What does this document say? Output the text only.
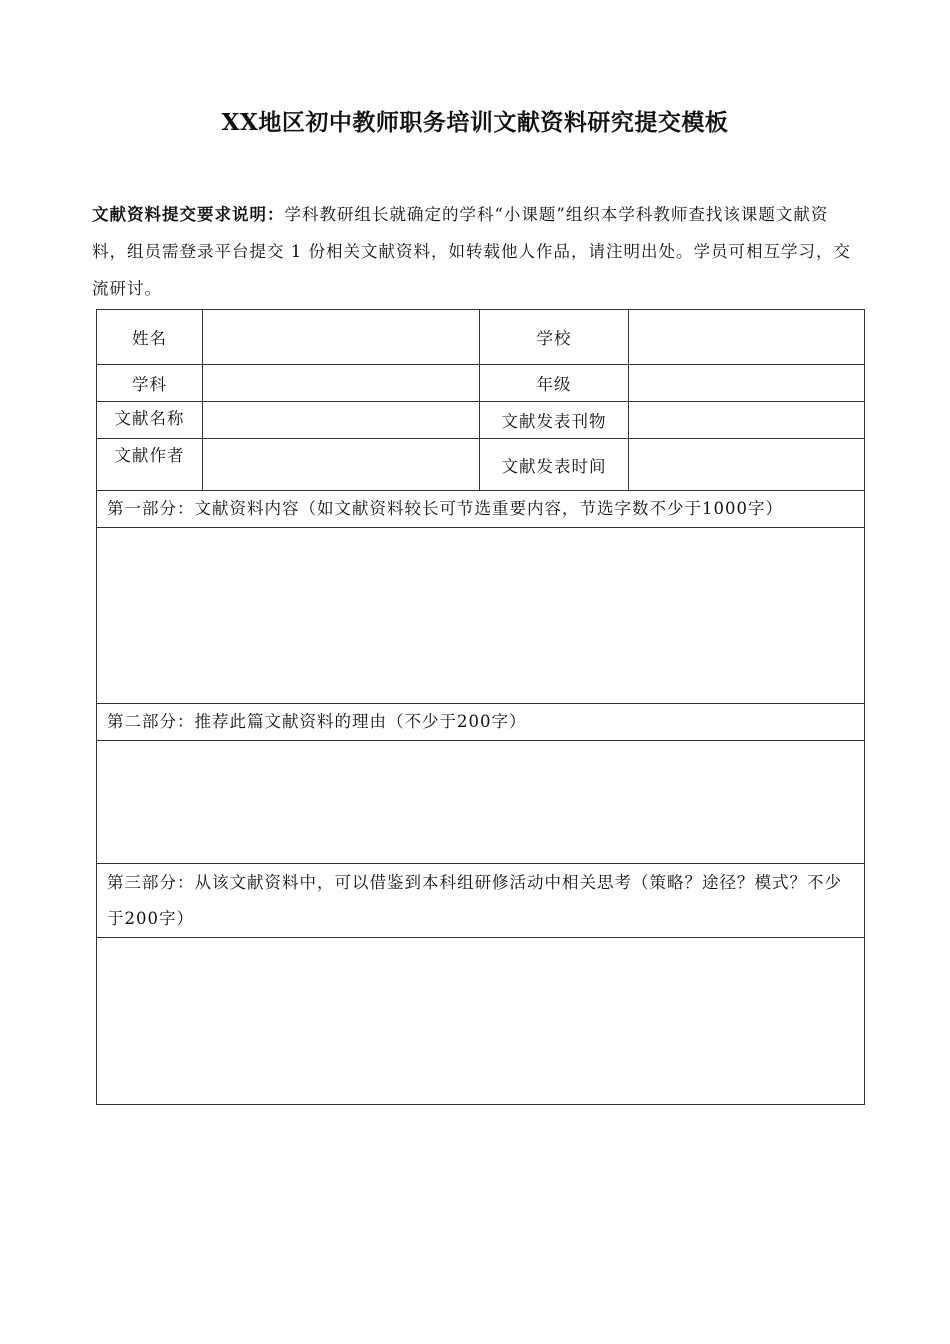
XX地区初中教师职务培训文献资料研究提交模板
文献资料提交要求说明：学科教研组长就确定的学科“小课题”组织本学科教师查找该课题文献资料，组员需登录平台提交 1 份相关文献资料，如转载他人作品，请注明出处。学员可相互学习，交流研讨。
姓名		学校	
学科		年级	
文献名称		文献发表刊物	
文献作者		文献发表时间	
第一部分：文献资料内容（如文献资料较长可节选重要内容，节选字数不少于1000字）			

第二部分：推荐此篇文献资料的理由（不少于200字）			

第三部分：从该文献资料中，可以借鉴到本科组研修活动中相关思考（策略？途径？模式？不少于200字）			
